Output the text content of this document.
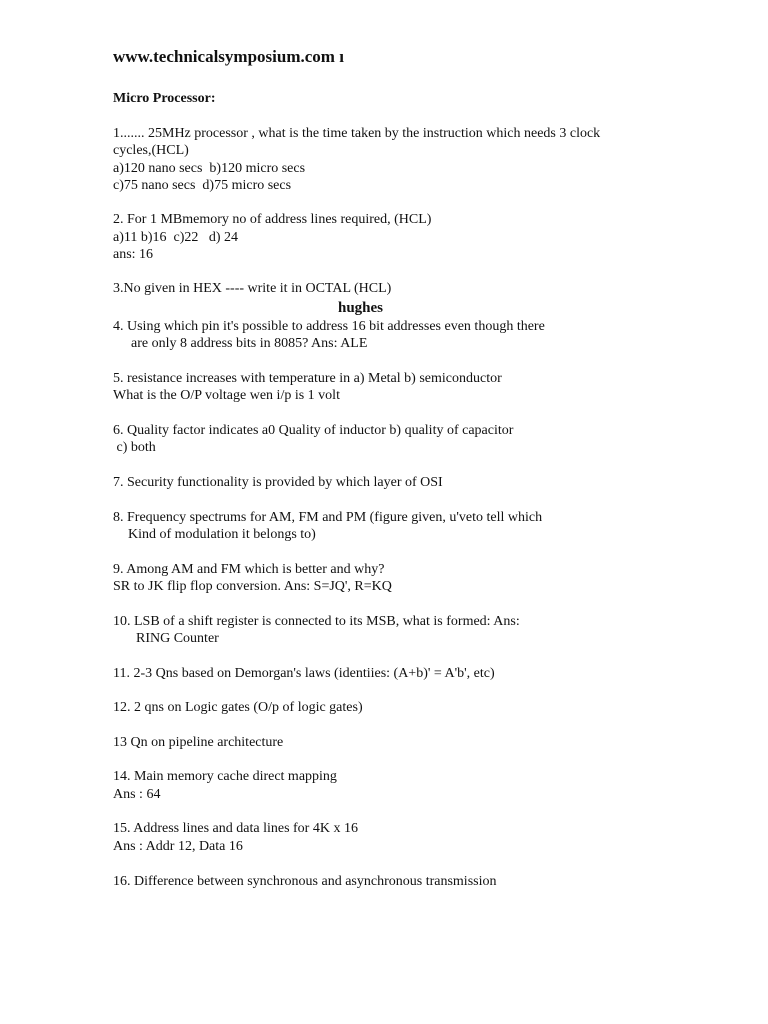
www.technicalsymposium.com ı
Micro Processor:
hughes
1....... 25MHz processor , what is the time taken by the instruction which needs 3 clock
cycles,(HCL)
a)120 nano secs  b)120 micro secs
c)75 nano secs  d)75 micro secs
2. For 1 MBmemory no of address lines required, (HCL)
a)11 b)16  c)22   d) 24
ans: 16
3.No given in HEX ---- write it in OCTAL (HCL)
4. Using which pin it's possible to address 16 bit addresses even though there
are only 8 address bits in 8085? Ans: ALE
5. resistance increases with temperature in a) Metal b) semiconductor
What is the O/P voltage wen i/p is 1 volt
6. Quality factor indicates a0 Quality of inductor b) quality of capacitor
c) both
7. Security functionality is provided by which layer of OSI
8. Frequency spectrums for AM, FM and PM (figure given, u'veto tell which
Kind of modulation it belongs to)
9. Among AM and FM which is better and why?
SR to JK flip flop conversion. Ans: S=JQ', R=KQ
10. LSB of a shift register is connected to its MSB, what is formed: Ans:
RING Counter
11. 2-3 Qns based on Demorgan's laws (identiies: (A+b)' = A'b', etc)
12. 2 qns on Logic gates (O/p of logic gates)
13 Qn on pipeline architecture
14. Main memory cache direct mapping
Ans : 64
15. Address lines and data lines for 4K x 16
Ans : Addr 12, Data 16
16. Difference between synchronous and asynchronous transmission
